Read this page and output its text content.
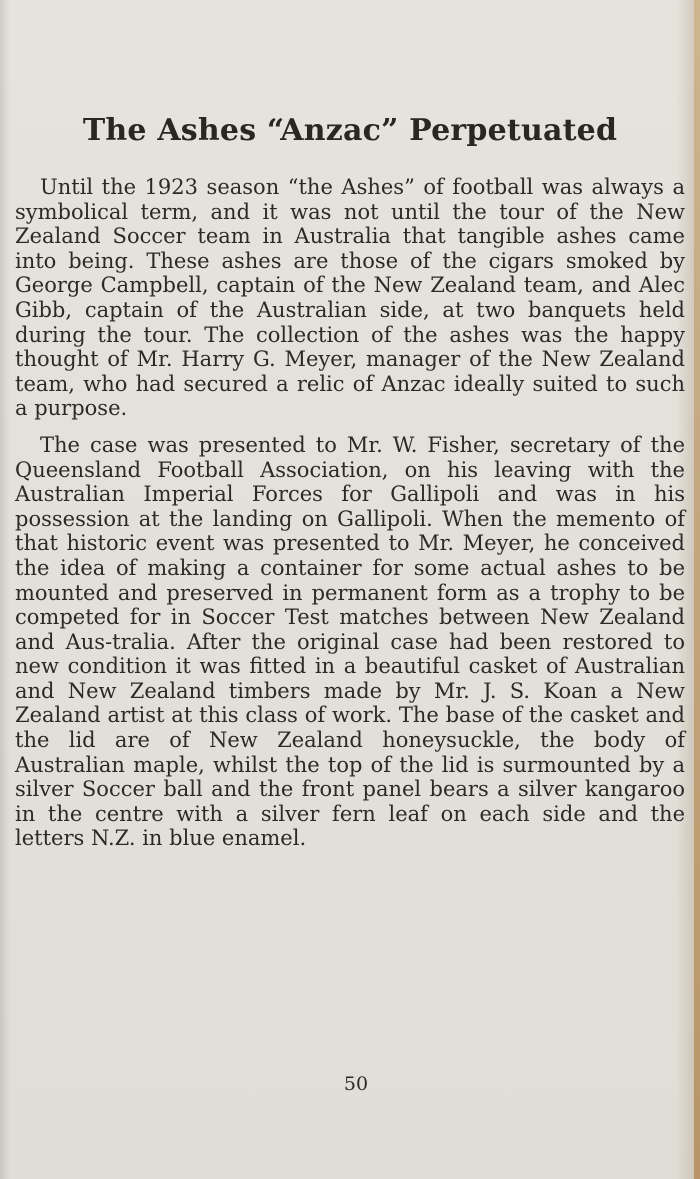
The Ashes “Anzac” Perpetuated

Until the 1923 season “the Ashes” of football was always a symbolical term, and it was not until the tour of the New Zealand Soccer team in Australia that tangible ashes came into being. These ashes are those of the cigars smoked by George Campbell, captain of the New Zealand team, and Alec Gibb, captain of the Australian side, at two banquets held during the tour. The collection of the ashes was the happy thought of Mr. Harry G. Meyer, manager of the New Zealand team, who had secured a relic of Anzac ideally suited to such a purpose.

The case was presented to Mr. W. Fisher, secretary of the Queensland Football Association, on his leaving with the Australian Imperial Forces for Gallipoli and was in his possession at the landing on Gallipoli. When the memento of that historic event was presented to Mr. Meyer, he conceived the idea of making a container for some actual ashes to be mounted and preserved in permanent form as a trophy to be competed for in Soccer Test matches between New Zealand and Aus-tralia. After the original case had been restored to new condition it was fitted in a beautiful casket of Australian and New Zealand timbers made by Mr. J. S. Koan a New Zealand artist at this class of work. The base of the casket and the lid are of New Zealand honeysuckle, the body of Australian maple, whilst the top of the lid is surmounted by a silver Soccer ball and the front panel bears a silver kangaroo in the centre with a silver fern leaf on each side and the letters N.Z. in blue enamel.

50
